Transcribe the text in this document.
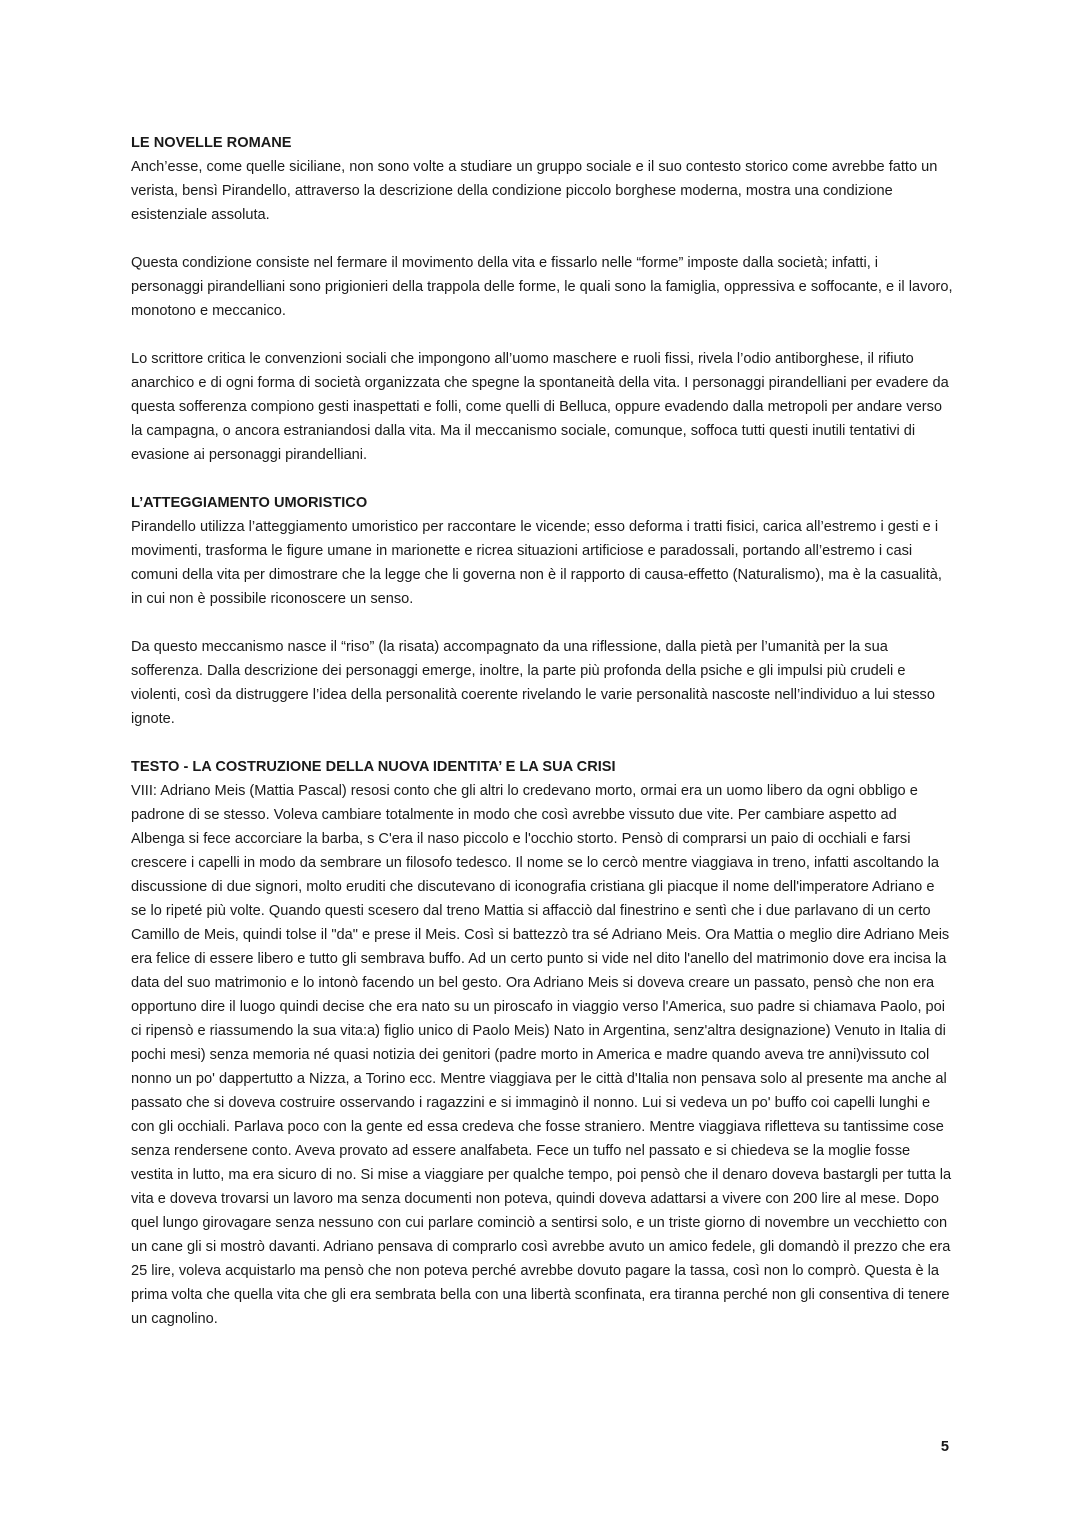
LE NOVELLE ROMANE

Anch’esse, come quelle siciliane, non sono volte a studiare un gruppo sociale e il suo contesto storico come avrebbe fatto un verista, bensì Pirandello, attraverso la descrizione della condizione piccolo borghese moderna, mostra una condizione esistenziale assoluta.

Questa condizione consiste nel fermare il movimento della vita e fissarlo nelle “forme” imposte dalla società; infatti, i personaggi pirandelliani sono prigionieri della trappola delle forme, le quali sono la famiglia, oppressiva e soffocante, e il lavoro, monotono e meccanico.

Lo scrittore critica le convenzioni sociali che impongono all’uomo maschere e ruoli fissi, rivela l’odio antiborghese, il rifiuto anarchico e di ogni forma di società organizzata che spegne la spontaneità della vita. I personaggi pirandelliani per evadere da questa sofferenza compiono gesti inaspettati e folli, come quelli di Belluca, oppure evadendo dalla metropoli per andare verso la campagna, o ancora estraniandosi dalla vita. Ma il meccanismo sociale, comunque, soffoca tutti questi inutili tentativi di evasione ai personaggi pirandelliani.

L’ATTEGGIAMENTO UMORISTICO

Pirandello utilizza l’atteggiamento umoristico per raccontare le vicende; esso deforma i tratti fisici, carica all’estremo i gesti e i movimenti, trasforma le figure umane in marionette e ricrea situazioni artificiose e paradossali, portando all’estremo i casi comuni della vita per dimostrare che la legge che li governa non è il rapporto di causa-effetto (Naturalismo), ma è la casualità, in cui non è possibile riconoscere un senso.

Da questo meccanismo nasce il “riso” (la risata) accompagnato da una riflessione, dalla pietà per l’umanità per la sua sofferenza. Dalla descrizione dei personaggi emerge, inoltre, la parte più profonda della psiche e gli impulsi più crudeli e violenti, così da distruggere l’idea della personalità coerente rivelando le varie personalità nascoste nell’individuo a lui stesso ignote.

TESTO - LA COSTRUZIONE DELLA NUOVA IDENTITA’ E LA SUA CRISI

VIII: Adriano Meis (Mattia Pascal) resosi conto che gli altri lo credevano morto, ormai era un uomo libero da ogni obbligo e padrone di se stesso. Voleva cambiare totalmente in modo che così avrebbe vissuto due vite. Per cambiare aspetto ad Albenga si fece accorciare la barba, s C'era il naso piccolo e l'occhio storto. Pensò di comprarsi un paio di occhiali e farsi crescere i capelli in modo da sembrare un filosofo tedesco. Il nome se lo cercò mentre viaggiava in treno, infatti ascoltando la discussione di due signori, molto eruditi che discutevano di iconografia cristiana gli piacque il nome dell'imperatore Adriano e se lo ripeté più volte. Quando questi scesero dal treno Mattia si affacciò dal finestrino e sentì che i due parlavano di un certo Camillo de Meis, quindi tolse il "da" e prese il Meis. Così si battezzò tra sé Adriano Meis. Ora Mattia o meglio dire Adriano Meis era felice di essere libero e tutto gli sembrava buffo. Ad un certo punto si vide nel dito l'anello del matrimonio dove era incisa la data del suo matrimonio e lo intonò facendo un bel gesto. Ora Adriano Meis si doveva creare un passato, pensò che non era opportuno dire il luogo quindi decise che era nato su un piroscafo in viaggio verso l'America, suo padre si chiamava Paolo, poi ci ripensò e riassumendo la sua vita:a) figlio unico di Paolo Meis) Nato in Argentina, senz'altra designazione) Venuto in Italia di pochi mesi) senza memoria né quasi notizia dei genitori (padre morto in America e madre quando aveva tre anni)vissuto col nonno un po' dappertutto a Nizza, a Torino ecc. Mentre viaggiava per le città d'Italia non pensava solo al presente ma anche al passato che si doveva costruire osservando i ragazzini e si immaginò il nonno. Lui si vedeva un po' buffo coi capelli lunghi e con gli occhiali. Parlava poco con la gente ed essa credeva che fosse straniero. Mentre viaggiava rifletteva su tantissime cose senza rendersene conto. Aveva provato ad essere analfabeta. Fece un tuffo nel passato e si chiedeva se la moglie fosse vestita in lutto, ma era sicuro di no. Si mise a viaggiare per qualche tempo, poi pensò che il denaro doveva bastargli per tutta la vita e doveva trovarsi un lavoro ma senza documenti non poteva, quindi doveva adattarsi a vivere con 200 lire al mese. Dopo quel lungo girovagare senza nessuno con cui parlare cominciò a sentirsi solo, e un triste giorno di novembre un vecchietto con un cane gli si mostrò davanti. Adriano pensava di comprarlo così avrebbe avuto un amico fedele, gli domandò il prezzo che era 25 lire, voleva acquistarlo ma pensò che non poteva perché avrebbe dovuto pagare la tassa, così non lo comprò. Questa è la prima volta che quella vita che gli era sembrata bella con una libertà sconfinata, era tiranna perché non gli consentiva di tenere un cagnolino.

5
